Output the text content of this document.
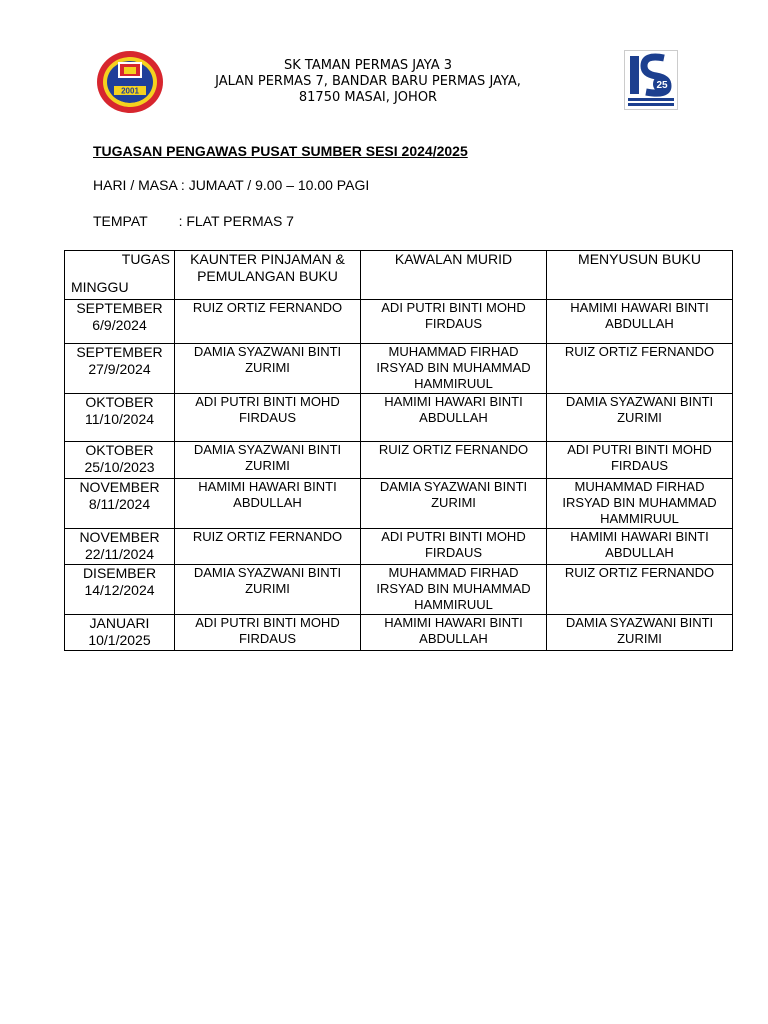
2001
SK TAMAN PERMAS JAYA 3
JALAN PERMAS 7, BANDAR BARU PERMAS JAYA,
81750 MASAI, JOHOR
25
TUGASAN PENGAWAS PUSAT SUMBER SESI 2024/2025
HARI / MASA : JUMAAT / 9.00 – 10.00 PAGI
TEMPAT        : FLAT PERMAS 7
TUGAS
MINGGU	KAUNTER PINJAMAN & PEMULANGAN BUKU	KAWALAN MURID	MENYUSUN BUKU

SEPTEMBER
6/9/2024	RUIZ ORTIZ FERNANDO	ADI PUTRI BINTI MOHD FIRDAUS	HAMIMI HAWARI BINTI ABDULLAH

SEPTEMBER
27/9/2024	DAMIA SYAZWANI BINTI ZURIMI	MUHAMMAD FIRHAD IRSYAD BIN MUHAMMAD HAMMIRUUL	RUIZ ORTIZ FERNANDO

OKTOBER
11/10/2024	ADI PUTRI BINTI MOHD FIRDAUS	HAMIMI HAWARI BINTI ABDULLAH	DAMIA SYAZWANI BINTI ZURIMI

OKTOBER
25/10/2023	DAMIA SYAZWANI BINTI ZURIMI	RUIZ ORTIZ FERNANDO	ADI PUTRI BINTI MOHD FIRDAUS

NOVEMBER
8/11/2024	HAMIMI HAWARI BINTI ABDULLAH	DAMIA SYAZWANI BINTI ZURIMI	MUHAMMAD FIRHAD IRSYAD BIN MUHAMMAD HAMMIRUUL

NOVEMBER
22/11/2024	RUIZ ORTIZ FERNANDO	ADI PUTRI BINTI MOHD FIRDAUS	HAMIMI HAWARI BINTI ABDULLAH

DISEMBER
14/12/2024	DAMIA SYAZWANI BINTI ZURIMI	MUHAMMAD FIRHAD IRSYAD BIN MUHAMMAD HAMMIRUUL	RUIZ ORTIZ FERNANDO

JANUARI
10/1/2025	ADI PUTRI BINTI MOHD FIRDAUS	HAMIMI HAWARI BINTI ABDULLAH	DAMIA SYAZWANI BINTI ZURIMI
